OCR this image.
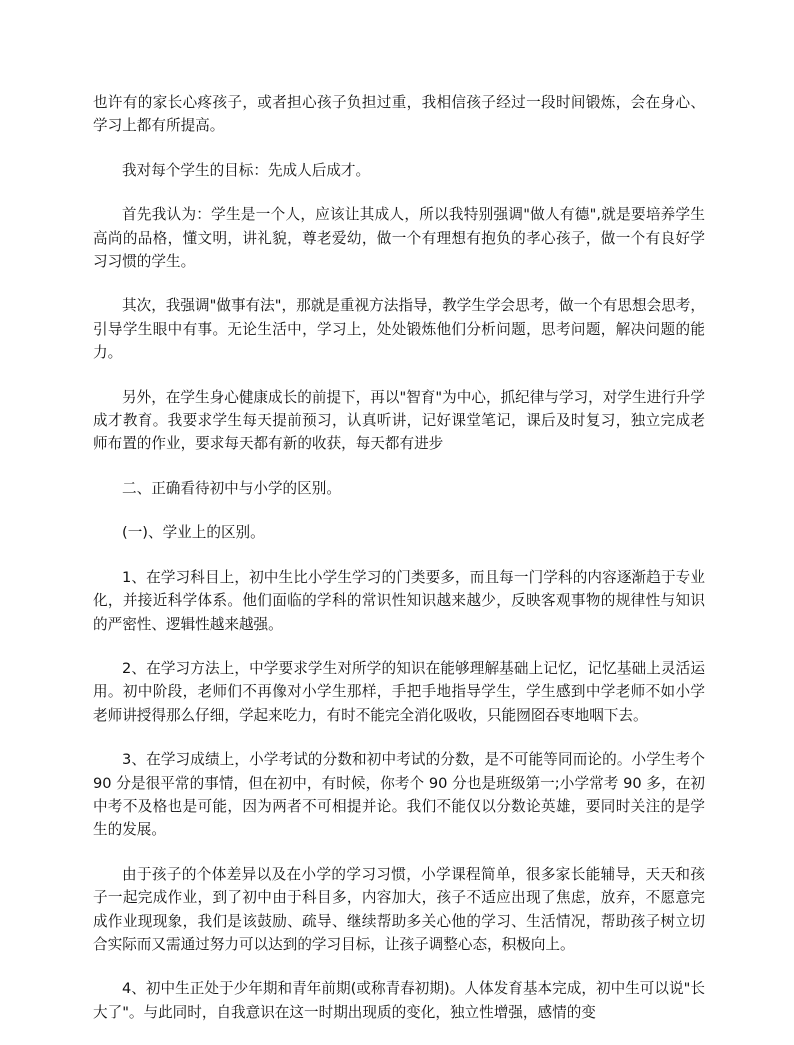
也许有的家长心疼孩子，或者担心孩子负担过重，我相信孩子经过一段时间锻炼，会在身心、学习上都有所提高。

我对每个学生的目标：先成人后成才。

首先我认为：学生是一个人，应该让其成人，所以我特别强调"做人有德",就是要培养学生高尚的品格，懂文明，讲礼貌，尊老爱幼，做一个有理想有抱负的孝心孩子，做一个有良好学习习惯的学生。

其次，我强调"做事有法"，那就是重视方法指导，教学生学会思考，做一个有思想会思考，引导学生眼中有事。无论生活中，学习上，处处锻炼他们分析问题，思考问题，解决问题的能力。

另外，在学生身心健康成长的前提下，再以"智育"为中心，抓纪律与学习，对学生进行升学成才教育。我要求学生每天提前预习，认真听讲，记好课堂笔记，课后及时复习，独立完成老师布置的作业，要求每天都有新的收获，每天都有进步

二、正确看待初中与小学的区别。

(一)、学业上的区别。

1、在学习科目上，初中生比小学生学习的门类要多，而且每一门学科的内容逐渐趋于专业化，并接近科学体系。他们面临的学科的常识性知识越来越少，反映客观事物的规律性与知识的严密性、逻辑性越来越强。

2、在学习方法上，中学要求学生对所学的知识在能够理解基础上记忆，记忆基础上灵活运用。初中阶段，老师们不再像对小学生那样，手把手地指导学生，学生感到中学老师不如小学老师讲授得那么仔细，学起来吃力，有时不能完全消化吸收，只能囫囵吞枣地咽下去。

3、在学习成绩上，小学考试的分数和初中考试的分数，是不可能等同而论的。小学生考个 90 分是很平常的事情，但在初中，有时候，你考个 90 分也是班级第一;小学常考 90 多，在初中考不及格也是可能，因为两者不可相提并论。我们不能仅以分数论英雄，要同时关注的是学生的发展。

由于孩子的个体差异以及在小学的学习习惯，小学课程简单，很多家长能辅导，天天和孩子一起完成作业，到了初中由于科目多，内容加大，孩子不适应出现了焦虑，放弃，不愿意完成作业现现象，我们是该鼓励、疏导、继续帮助多关心他的学习、生活情况，帮助孩子树立切合实际而又需通过努力可以达到的学习目标，让孩子调整心态，积极向上。

4、初中生正处于少年期和青年前期(或称青春初期)。人体发育基本完成，初中生可以说"长大了"。与此同时，自我意识在这一时期出现质的变化，独立性增强，感情的变
